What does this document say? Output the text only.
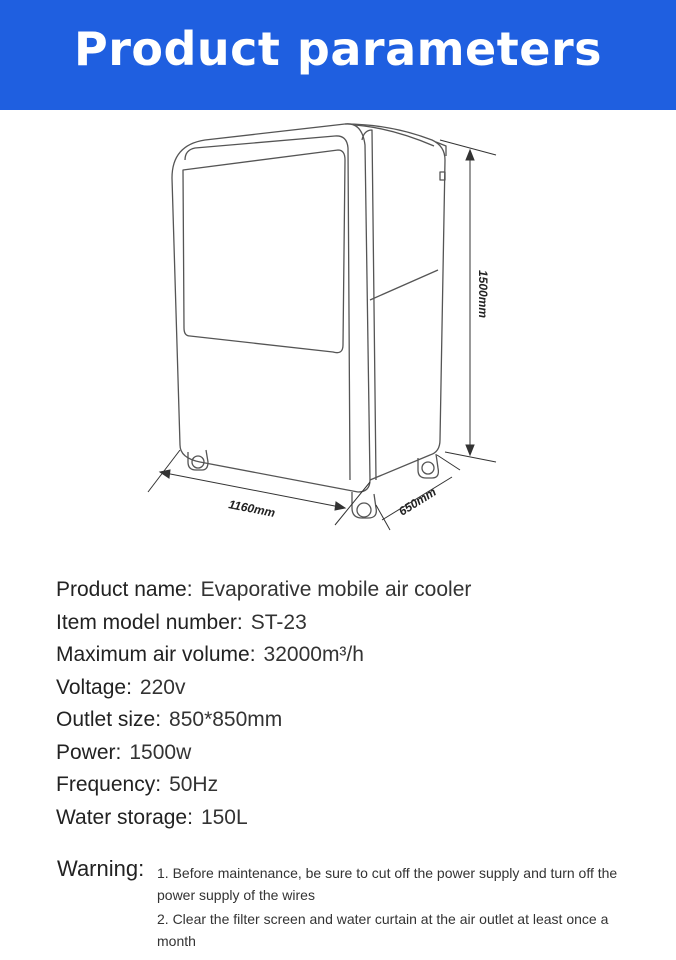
Product parameters
1500mm
1160mm	650mm
Product name: Evaporative mobile air cooler
Item model number: ST-23
Maximum air volume: 32000m³/h
Voltage: 220v
Outlet size: 850*850mm
Power: 1500w
Frequency: 50Hz
Water storage: 150L
Warning: 1. Before maintenance, be sure to cut off the power supply and turn off the power supply of the wires
2. Clear the filter screen and water curtain at the air outlet at least once a month
